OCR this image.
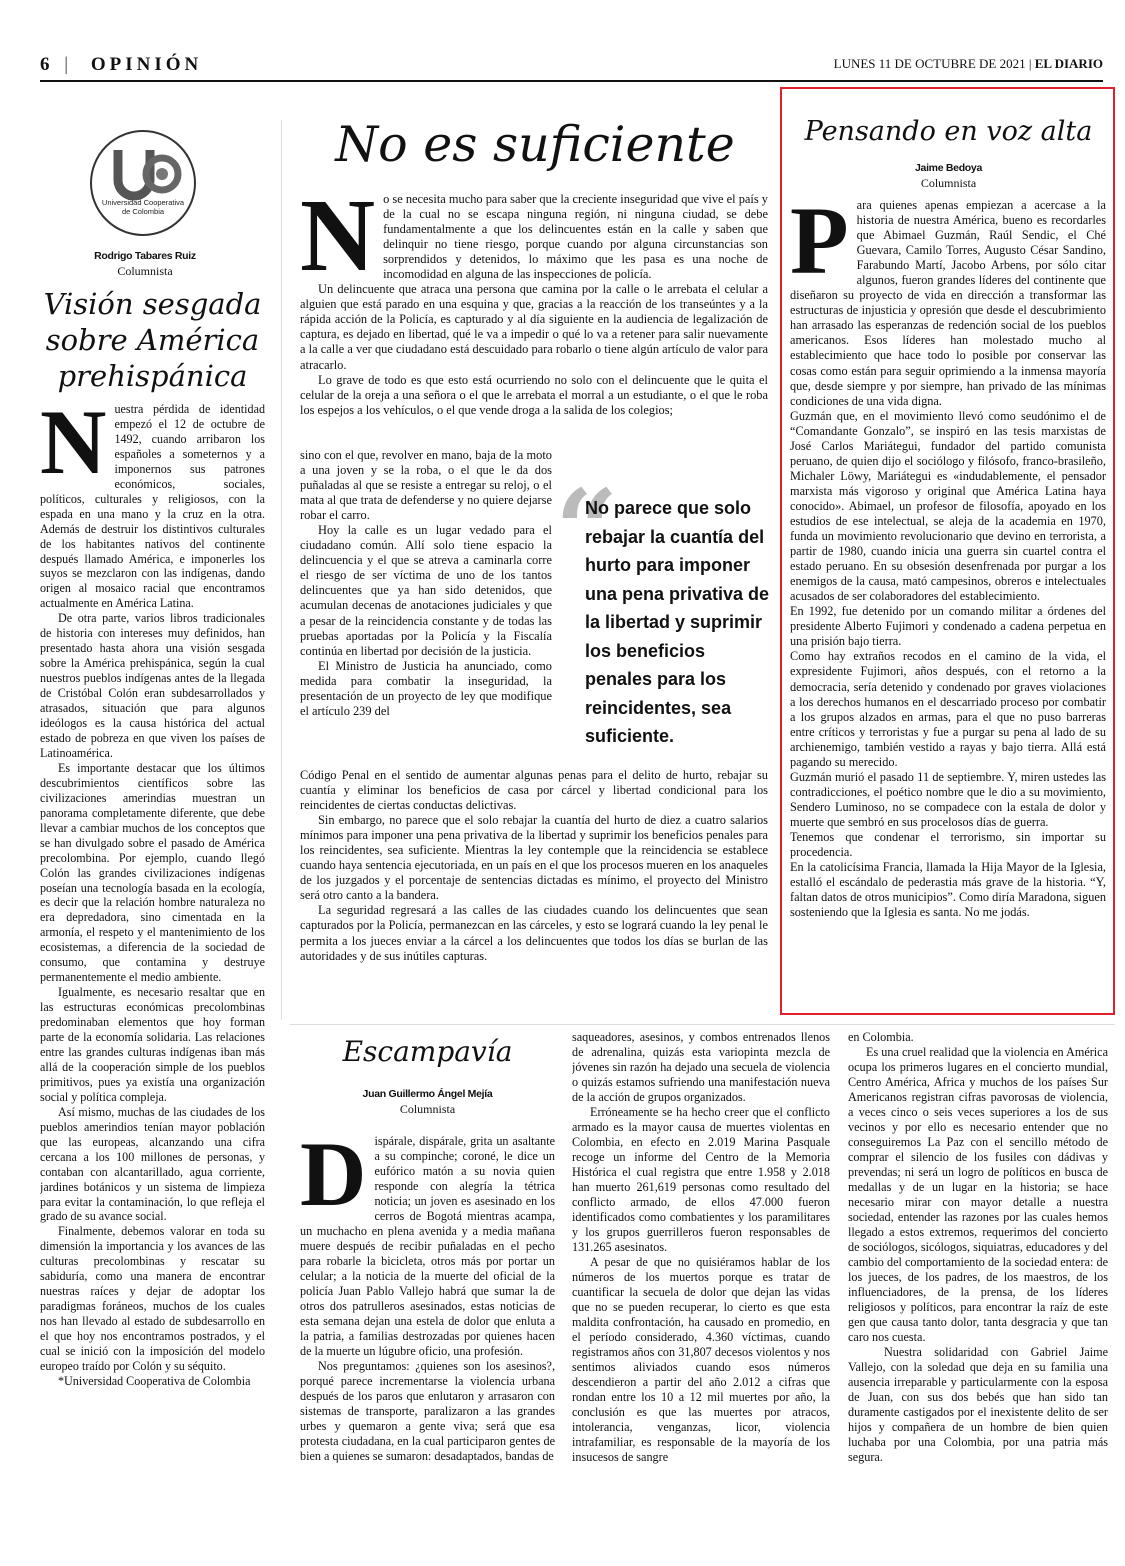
6 | OPINIÓN	LUNES 11 DE OCTUBRE DE 2021 | EL DIARIO
Universidad Cooperativa
de Colombia
Rodrigo Tabares Ruiz
Columnista
Visión sesgada
sobre América
prehispánica

Nuestra pérdida de identidad empezó el 12 de octubre de 1492, cuando arribaron los españoles a someternos y a imponernos sus patrones económicos, sociales, políticos, culturales y religiosos, con la espada en una mano y la cruz en la otra. Además de destruir los distintivos culturales de los habitantes nativos del continente después llamado América, e imponerles los suyos se mezclaron con las indígenas, dando origen al mosaico racial que encontramos actualmente en América Latina.

De otra parte, varios libros tradicionales de historia con intereses muy definidos, han presentado hasta ahora una visión sesgada sobre la América prehispánica, según la cual nuestros pueblos indígenas antes de la llegada de Cristóbal Colón eran subdesarrollados y atrasados, situación que para algunos ideólogos es la causa histórica del actual estado de pobreza en que viven los países de Latinoamérica.

Es importante destacar que los últimos descubrimientos científicos sobre las civilizaciones amerindias muestran un panorama completamente diferente, que debe llevar a cambiar muchos de los conceptos que se han divulgado sobre el pasado de América precolombina. Por ejemplo, cuando llegó Colón las grandes civilizaciones indígenas poseían una tecnología basada en la ecología, es decir que la relación hombre naturaleza no era depredadora, sino cimentada en la armonía, el respeto y el mantenimiento de los ecosistemas, a diferencia de la sociedad de consumo, que contamina y destruye permanentemente el medio ambiente.

Igualmente, es necesario resaltar que en las estructuras económicas precolombinas predominaban elementos que hoy forman parte de la economía solidaria. Las relaciones entre las grandes culturas indígenas iban más allá de la cooperación simple de los pueblos primitivos, pues ya existía una organización social y política compleja.

Así mismo, muchas de las ciudades de los pueblos amerindios tenían mayor población que las europeas, alcanzando una cifra cercana a los 100 millones de personas, y contaban con alcantarillado, agua corriente, jardines botánicos y un sistema de limpieza para evitar la contaminación, lo que refleja el grado de su avance social.

Finalmente, debemos valorar en toda su dimensión la importancia y los avances de las culturas precolombinas y rescatar su sabiduría, como una manera de encontrar nuestras raíces y dejar de adoptar los paradigmas foráneos, muchos de los cuales nos han llevado al estado de subdesarrollo en el que hoy nos encontramos postrados, y el cual se inició con la imposición del modelo europeo traído por Colón y su séquito.

*Universidad Cooperativa de Colombia

No es suficiente

No se necesita mucho para saber que la creciente inseguridad que vive el país y de la cual no se escapa ninguna región, ni ninguna ciudad, se debe fundamentalmente a que los delincuentes están en la calle y saben que delinquir no tiene riesgo, porque cuando por alguna circunstancias son sorprendidos y detenidos, lo máximo que les pasa es una noche de incomodidad en alguna de las inspecciones de policía.

Un delincuente que atraca una persona que camina por la calle o le arrebata el celular a alguien que está parado en una esquina y que, gracias a la reacción de los transeúntes y a la rápida acción de la Policía, es capturado y al día siguiente en la audiencia de legalización de captura, es dejado en libertad, qué le va a impedir o qué lo va a retener para salir nuevamente a la calle a ver que ciudadano está descuidado para robarlo o tiene algún artículo de valor para atracarlo.

Lo grave de todo es que esto está ocurriendo no solo con el delincuente que le quita el celular de la oreja a una señora o el que le arrebata el morral a un estudiante, o el que le roba los espejos a los vehículos, o el que vende droga a la salida de los colegios;

sino con el que, revolver en mano, baja de la moto a una joven y se la roba, o el que le da dos puñaladas al que se resiste a entregar su reloj, o el mata al que trata de defenderse y no quiere dejarse robar el carro.

Hoy la calle es un lugar vedado para el ciudadano común. Allí solo tiene espacio la delincuencia y el que se atreva a caminarla corre el riesgo de ser víctima de uno de los tantos delincuentes que ya han sido detenidos, que acumulan decenas de anotaciones judiciales y que a pesar de la reincidencia constante y de todas las pruebas aportadas por la Policía y la Fiscalía continúa en libertad por decisión de la justicia.

El Ministro de Justicia ha anunciado, como medida para combatir la inseguridad, la presentación de un proyecto de ley que modifique el artículo 239 del

“
No parece que solo rebajar la cuantía del hurto para imponer una pena privativa de la libertad y suprimir los beneficios penales para los reincidentes, sea suficiente.

Código Penal en el sentido de aumentar algunas penas para el delito de hurto, rebajar su cuantía y eliminar los beneficios de casa por cárcel y libertad condicional para los reincidentes de ciertas conductas delictivas.

Sin embargo, no parece que el solo rebajar la cuantía del hurto de diez a cuatro salarios mínimos para imponer una pena privativa de la libertad y suprimir los beneficios penales para los reincidentes, sea suficiente. Mientras la ley contemple que la reincidencia se establece cuando haya sentencia ejecutoriada, en un país en el que los procesos mueren en los anaqueles de los juzgados y el porcentaje de sentencias dictadas es mínimo, el proyecto del Ministro será otro canto a la bandera.

La seguridad regresará a las calles de las ciudades cuando los delincuentes que sean capturados por la Policía, permanezcan en las cárceles, y esto se logrará cuando la ley penal le permita a los jueces enviar a la cárcel a los delincuentes que todos los días se burlan de las autoridades y de sus inútiles capturas.

Pensando en voz alta
Jaime Bedoya
Columnista

Para quienes apenas empiezan a acercase a la historia de nuestra América, bueno es recordarles que Abimael Guzmán, Raúl Sendic, el Ché Guevara, Camilo Torres, Augusto César Sandino, Farabundo Martí, Jacobo Arbens, por sólo citar algunos, fueron grandes líderes del continente que diseñaron su proyecto de vida en dirección a transformar las estructuras de injusticia y opresión que desde el descubrimiento han arrasado las esperanzas de redención social de los pueblos americanos. Esos líderes han molestado mucho al establecimiento que hace todo lo posible por conservar las cosas como están para seguir oprimiendo a la inmensa mayoría que, desde siempre y por siempre, han privado de las mínimas condiciones de una vida digna.

Guzmán que, en el movimiento llevó como seudónimo el de “Comandante Gonzalo”, se inspiró en las tesis marxistas de José Carlos Mariátegui, fundador del partido comunista peruano, de quien dijo el sociólogo y filósofo, franco-brasileño, Michaler Löwy, Mariátegui es «indudablemente, el pensador marxista más vigoroso y original que América Latina haya conocido». Abimael, un profesor de filosofía, apoyado en los estudios de ese intelectual, se aleja de la academia en 1970, funda un movimiento revolucionario que devino en terrorista, a partir de 1980, cuando inicia una guerra sin cuartel contra el estado peruano. En su obsesión desenfrenada por purgar a los enemigos de la causa, mató campesinos, obreros e intelectuales acusados de ser colaboradores del establecimiento.

En 1992, fue detenido por un comando militar a órdenes del presidente Alberto Fujimori y condenado a cadena perpetua en una prisión bajo tierra.

Como hay extraños recodos en el camino de la vida, el expresidente Fujimori, años después, con el retorno a la democracia, sería detenido y condenado por graves violaciones a los derechos humanos en el descarriado proceso por combatir a los grupos alzados en armas, para el que no puso barreras entre críticos y terroristas y fue a purgar su pena al lado de su archienemigo, también vestido a rayas y bajo tierra. Allá está pagando su merecido.

Guzmán murió el pasado 11 de septiembre. Y, miren ustedes las contradicciones, el poético nombre que le dio a su movimiento, Sendero Luminoso, no se compadece con la estala de dolor y muerte que sembró en sus procelosos días de guerra.

Tenemos que condenar el terrorismo, sin importar su procedencia.

En la catolicísima Francia, llamada la Hija Mayor de la Iglesia, estalló el escándalo de pederastia más grave de la historia. “Y, faltan datos de otros municipios”. Como diría Maradona, siguen sosteniendo que la Iglesia es santa. No me jodás.

Escampavía
Juan Guillermo Ángel Mejía
Columnista

Dispárale, dispárale, grita un asaltante a su compinche; coroné, le dice un eufórico matón a su novia quien responde con alegría la tétrica noticia; un joven es asesinado en los cerros de Bogotá mientras acampa, un muchacho en plena avenida y a media mañana muere después de recibir puñaladas en el pecho para robarle la bicicleta, otros más por portar un celular; a la noticia de la muerte del oficial de la policía Juan Pablo Vallejo habrá que sumar la de otros dos patrulleros asesinados, estas noticias de esta semana dejan una estela de dolor que enluta a la patria, a familias destrozadas por quienes hacen de la muerte un lúgubre oficio, una profesión.

Nos preguntamos: ¿quienes son los asesinos?, porqué parece incrementarse la violencia urbana después de los paros que enlutaron y arrasaron con sistemas de transporte, paralizaron a las grandes urbes y quemaron a gente viva; será que esa protesta ciudadana, en la cual participaron gentes de bien a quienes se sumaron: desadaptados, bandas de

saqueadores, asesinos, y combos entrenados llenos de adrenalina, quizás esta variopinta mezcla de jóvenes sin razón ha dejado una secuela de violencia o quizás estamos sufriendo una manifestación nueva de la acción de grupos organizados.

Erróneamente se ha hecho creer que el conflicto armado es la mayor causa de muertes violentas en Colombia, en efecto en 2.019 Marina Pasquale recoge un informe del Centro de la Memoria Histórica el cual registra que entre 1.958 y 2.018 han muerto 261,619 personas como resultado del conflicto armado, de ellos 47.000 fueron identificados como combatientes y los paramilitares y los grupos guerrilleros fueron responsables de 131.265 asesinatos.

A pesar de que no quisiéramos hablar de los números de los muertos porque es tratar de cuantificar la secuela de dolor que dejan las vidas que no se pueden recuperar, lo cierto es que esta maldita confrontación, ha causado en promedio, en el período considerado, 4.360 víctimas, cuando registramos años con 31,807 decesos violentos y nos sentimos aliviados cuando esos números descendieron a partir del año 2.012 a cifras que rondan entre los 10 a 12 mil muertes por año, la conclusión es que las muertes por atracos, intolerancia, venganzas, licor, violencia intrafamiliar, es responsable de la mayoría de los insucesos de sangre

en Colombia.

Es una cruel realidad que la violencia en América ocupa los primeros lugares en el concierto mundial, Centro América, Africa y muchos de los países Sur Americanos registran cifras pavorosas de violencia, a veces cinco o seis veces superiores a los de sus vecinos y por ello es necesario entender que no conseguiremos La Paz con el sencillo método de comprar el silencio de los fusiles con dádivas y prevendas; ni será un logro de políticos en busca de medallas y de un lugar en la historia; se hace necesario mirar con mayor detalle a nuestra sociedad, entender las razones por las cuales hemos llegado a estos extremos, requerimos del concierto de sociólogos, sicólogos, siquiatras, educadores y del cambio del comportamiento de la sociedad entera: de los jueces, de los padres, de los maestros, de los influenciadores, de la prensa, de los líderes religiosos y políticos, para encontrar la raíz de este gen que causa tanto dolor, tanta desgracia y que tan caro nos cuesta.

Nuestra solidaridad con Gabriel Jaime Vallejo, con la soledad que deja en su familia una ausencia irreparable y particularmente con la esposa de Juan, con sus dos bebés que han sido tan duramente castigados por el inexistente delito de ser hijos y compañera de un hombre de bien quien luchaba por una Colombia, por una patria más segura.
